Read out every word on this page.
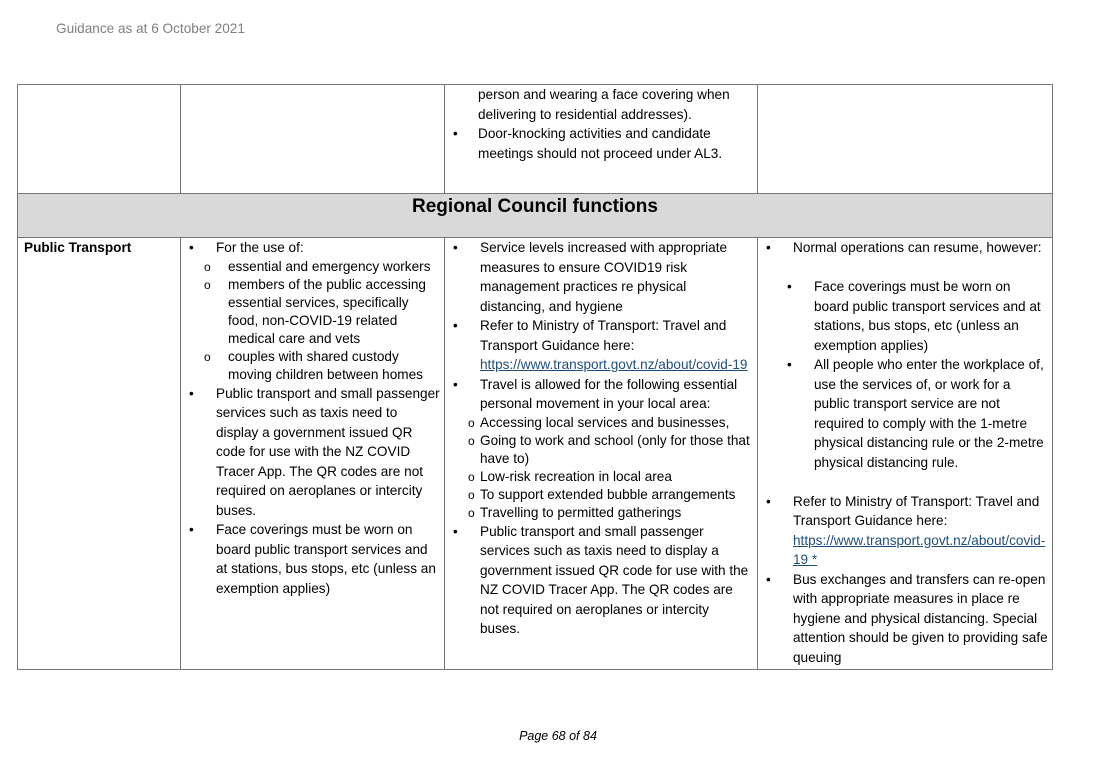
Guidance as at 6 October 2021
Regional Council functions
person and wearing a face covering when delivering to residential addresses).
• Door-knocking activities and candidate meetings should not proceed under AL3.
Public Transport
•	For the use of:
o essential and emergency workers
o members of the public accessing essential services, specifically food, non-COVID-19 related medical care and vets
o couples with shared custody moving children between homes
• Public transport and small passenger services such as taxis need to display a government issued QR code for use with the NZ COVID Tracer App. The QR codes are not required on aeroplanes or intercity buses.
• Face coverings must be worn on board public transport services and at stations, bus stops, etc (unless an exemption applies)
• Service levels increased with appropriate measures to ensure COVID19 risk management practices re physical distancing, and hygiene
• Refer to Ministry of Transport: Travel and Transport Guidance here:
https://www.transport.govt.nz/about/covid-19
• Travel is allowed for the following essential personal movement in your local area:
o Accessing local services and businesses,
o Going to work and school (only for those that have to)
o Low-risk recreation in local area
o To support extended bubble arrangements
o Travelling to permitted gatherings
• Public transport and small passenger services such as taxis need to display a government issued QR code for use with the NZ COVID Tracer App. The QR codes are not required on aeroplanes or intercity buses.
• Normal operations can resume, however:
• Face coverings must be worn on board public transport services and at stations, bus stops, etc (unless an exemption applies)
• All people who enter the workplace of, use the services of, or work for a public transport service are not required to comply with the 1-metre physical distancing rule or the 2-metre physical distancing rule.
• Refer to Ministry of Transport: Travel and Transport Guidance here:
https://www.transport.govt.nz/about/covid-19 *
• Bus exchanges and transfers can re-open with appropriate measures in place re hygiene and physical distancing. Special attention should be given to providing safe queuing
Page 68 of 84
